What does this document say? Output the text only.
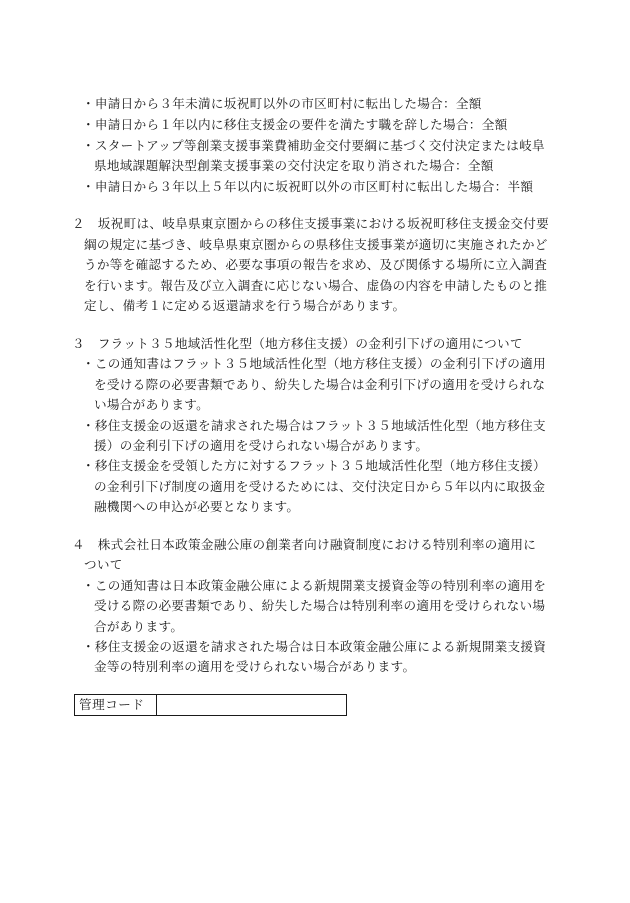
・申請日から３年未満に坂祝町以外の市区町村に転出した場合：全額
・申請日から１年以内に移住支援金の要件を満たす職を辞した場合：全額
・スタートアップ等創業支援事業費補助金交付要綱に基づく交付決定または岐阜
県地域課題解決型創業支援事業の交付決定を取り消された場合：全額
・申請日から３年以上５年以内に坂祝町以外の市区町村に転出した場合：半額
２　坂祝町は、岐阜県東京圏からの移住支援事業における坂祝町移住支援金交付要
綱の規定に基づき、岐阜県東京圏からの県移住支援事業が適切に実施されたかど
うか等を確認するため、必要な事項の報告を求め、及び関係する場所に立入調査
を行います。報告及び立入調査に応じない場合、虚偽の内容を申請したものと推
定し、備考１に定める返還請求を行う場合があります。
３　フラット３５地域活性化型（地方移住支援）の金利引下げの適用について
・この通知書はフラット３５地域活性化型（地方移住支援）の金利引下げの適用
を受ける際の必要書類であり、紛失した場合は金利引下げの適用を受けられな
い場合があります。
・移住支援金の返還を請求された場合はフラット３５地域活性化型（地方移住支
援）の金利引下げの適用を受けられない場合があります。
・移住支援金を受領した方に対するフラット３５地域活性化型（地方移住支援）
の金利引下げ制度の適用を受けるためには、交付決定日から５年以内に取扱金
融機関への申込が必要となります。
４　株式会社日本政策金融公庫の創業者向け融資制度における特別利率の適用に
ついて
・この通知書は日本政策金融公庫による新規開業支援資金等の特別利率の適用を
受ける際の必要書類であり、紛失した場合は特別利率の適用を受けられない場
合があります。
・移住支援金の返還を請求された場合は日本政策金融公庫による新規開業支援資
金等の特別利率の適用を受けられない場合があります。
管理コード
